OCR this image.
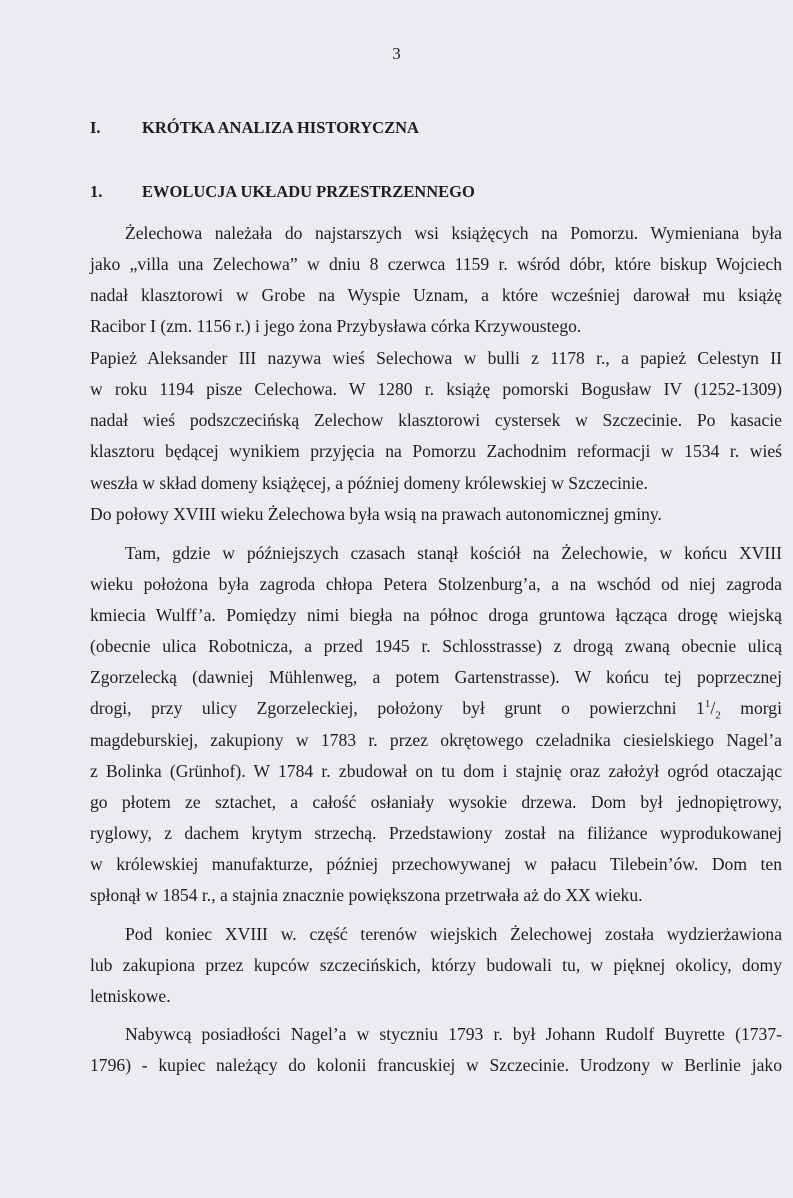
3
I.	KRÓTKA ANALIZA HISTORYCZNA
1. EWOLUCJA UKŁADU PRZESTRZENNEGO
Żelechowa należała do najstarszych wsi książęcych na Pomorzu. Wymieniana była
jako „villa una Zelechowa” w dniu 8 czerwca 1159 r. wśród dóbr, które biskup Wojciech
nadał klasztorowi w Grobe na Wyspie Uznam, a które wcześniej darował mu książę
Racibor I (zm. 1156 r.) i jego żona Przybysława córka Krzywoustego.
Papież Aleksander III nazywa wieś Selechowa w bulli z 1178 r., a papież Celestyn II
w roku 1194 pisze Celechowa. W 1280 r. książę pomorski Bogusław IV (1252-1309)
nadał wieś podszczecińską Zelechow klasztorowi cystersek w Szczecinie. Po kasacie
klasztoru będącej wynikiem przyjęcia na Pomorzu Zachodnim reformacji w 1534 r. wieś
weszła w skład domeny książęcej, a później domeny królewskiej w Szczecinie.
Do połowy XVIII wieku Żelechowa była wsią na prawach autonomicznej gminy.
Tam, gdzie w późniejszych czasach stanął kościół na Żelechowie, w końcu XVIII
wieku położona była zagroda chłopa Petera Stolzenburg’a, a na wschód od niej zagroda
kmiecia Wulff’a. Pomiędzy nimi biegła na północ droga gruntowa łącząca drogę wiejską
(obecnie ulica Robotnicza, a przed 1945 r. Schlosstrasse) z drogą zwaną obecnie ulicą
Zgorzelecką (dawniej Mühlenweg, a potem Gartenstrasse). W końcu tej poprzecznej
drogi, przy ulicy Zgorzeleckiej, położony był grunt o powierzchni $1^1/_2$ morgi
magdeburskiej, zakupiony w 1783 r. przez okrętowego czeladnika ciesielskiego Nagel’a
z Bolinka (Grünhof). W 1784 r. zbudował on tu dom i stajnię oraz założył ogród otaczając
go płotem ze sztachet, a całość osłaniały wysokie drzewa. Dom był jednopiętrowy,
ryglowy, z dachem krytym strzechą. Przedstawiony został na filiżance wyprodukowanej
w królewskiej manufakturze, później przechowywanej w pałacu Tilebein’ów. Dom ten
spłonął w 1854 r., a stajnia znacznie powiększona przetrwała aż do XX wieku.
Pod koniec XVIII w. część terenów wiejskich Żelechowej została wydzierżawiona
lub zakupiona przez kupców szczecińskich, którzy budowali tu, w pięknej okolicy, domy
letniskowe.
Nabywcą posiadłości Nagel’a w styczniu 1793 r. był Johann Rudolf Buyrette (1737-
1796) - kupiec należący do kolonii francuskiej w Szczecinie. Urodzony w Berlinie jako
